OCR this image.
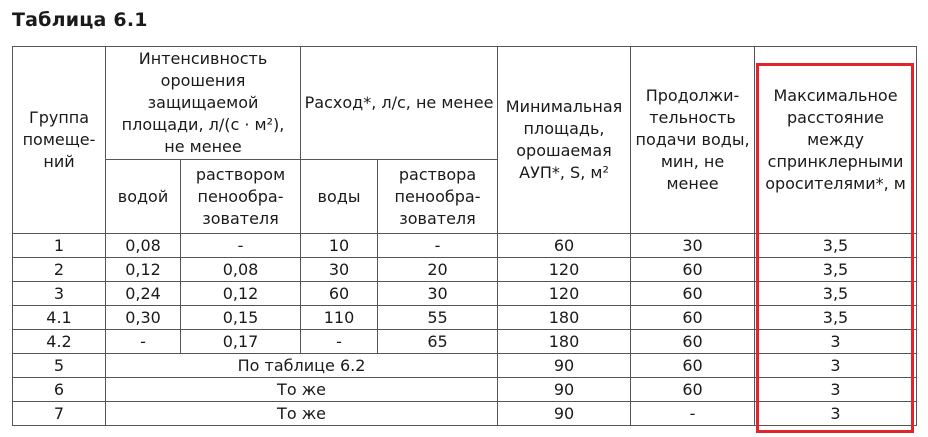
Таблица 6.1
Группа помеще-ний	Интенсивность орошения защищаемой площади, л/(с · м²), не менее		Расход*, л/с, не менее		Минимальная площадь, орошаемая АУП*, S, м²	Продолжи-тельность подачи воды, мин, не менее	Максимальное расстояние между спринклерными оросителями*, м
	водой	раствором пенообра-зователя	воды	раствора пенообра-зователя			
1	0,08	-	10	-	60	30	3,5
2	0,12	0,08	30	20	120	60	3,5
3	0,24	0,12	60	30	120	60	3,5
4.1	0,30	0,15	110	55	180	60	3,5
4.2	-	0,17	-	65	180	60	3
5	По таблице 6.2				90	60	3
6	То же				90	60	3
7	То же				90	-	3
